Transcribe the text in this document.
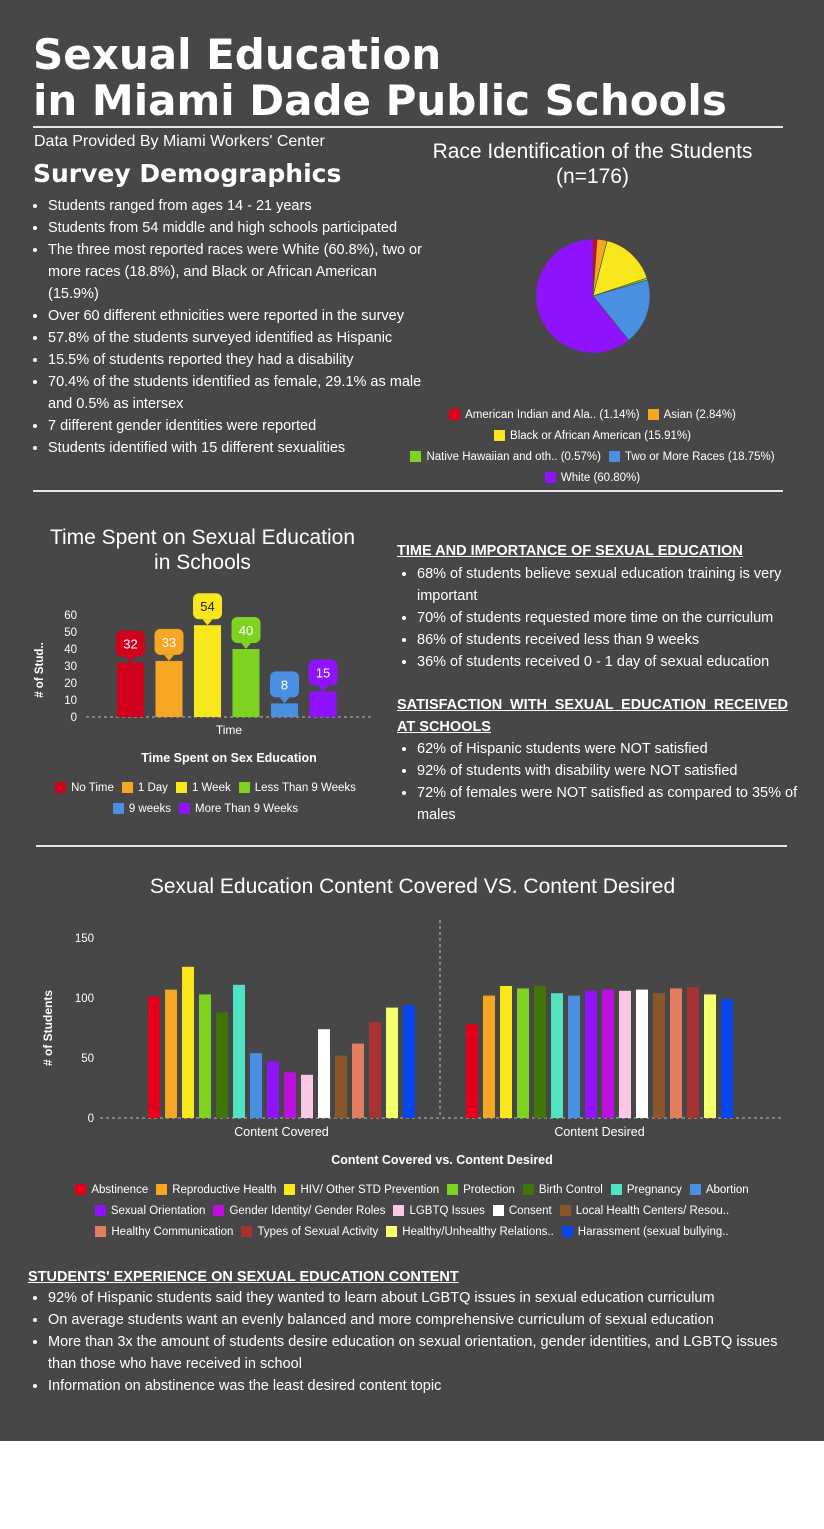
Sexual Education
in Miami Dade Public Schools
Data Provided By Miami Workers' Center
Survey Demographics
• Students ranged from ages 14 - 21 years
• Students from 54 middle and high schools participated
• The three most reported races were White (60.8%), two or more races (18.8%), and Black or African American (15.9%)
• Over 60 different ethnicities were reported in the survey
• 57.8% of the students surveyed identified as Hispanic
• 15.5% of students reported they had a disability
• 70.4% of the students identified as female, 29.1% as male and 0.5% as intersex
• 7 different gender identities were reported
• Students identified with 15 different sexualities
Race Identification of the Students
(n=176)
American Indian and Ala.. (1.14%) Asian (2.84%)
Black or African American (15.91%)
Native Hawaiian and oth.. (0.57%) Two or More Races (18.75%)
White (60.80%)
Time Spent on Sexual Education
in Schools
0
10
20
30
40
50
60
# of Stud..
Time
Time Spent on Sex Education
32 33
54
40
8
15
No Time 1 Day 1 Week Less Than 9 Weeks
9 weeks More Than 9 Weeks
TIME AND IMPORTANCE OF SEXUAL EDUCATION
• 68% of students believe sexual education training is very important
• 70% of students requested more time on the curriculum
• 86% of students received less than 9 weeks
• 36% of students received 0 - 1 day of sexual education
SATISFACTION WITH SEXUAL EDUCATION RECEIVED AT SCHOOLS
• 62% of Hispanic students were NOT satisfied
• 92% of students with disability were NOT satisfied
• 72% of females were NOT satisfied as compared to 35% of males
Sexual Education Content Covered VS. Content Desired
0
50
100
150
# of Students
Content Covered	Content Desired
Content Covered vs. Content Desired
Abstinence Reproductive Health HIV/ Other STD Prevention Protection Birth Control Pregnancy Abortion
Sexual Orientation Gender Identity/ Gender Roles LGBTQ Issues Consent Local Health Centers/ Resou..
Healthy Communication Types of Sexual Activity Healthy/Unhealthy Relations.. Harassment (sexual bullying..
STUDENTS' EXPERIENCE ON SEXUAL EDUCATION CONTENT
• 92% of Hispanic students said they wanted to learn about LGBTQ issues in sexual education curriculum
• On average students want an evenly balanced and more comprehensive curriculum of sexual education
• More than 3x the amount of students desire education on sexual orientation, gender identities, and LGBTQ issues than those who have received in school
• Information on abstinence was the least desired content topic
